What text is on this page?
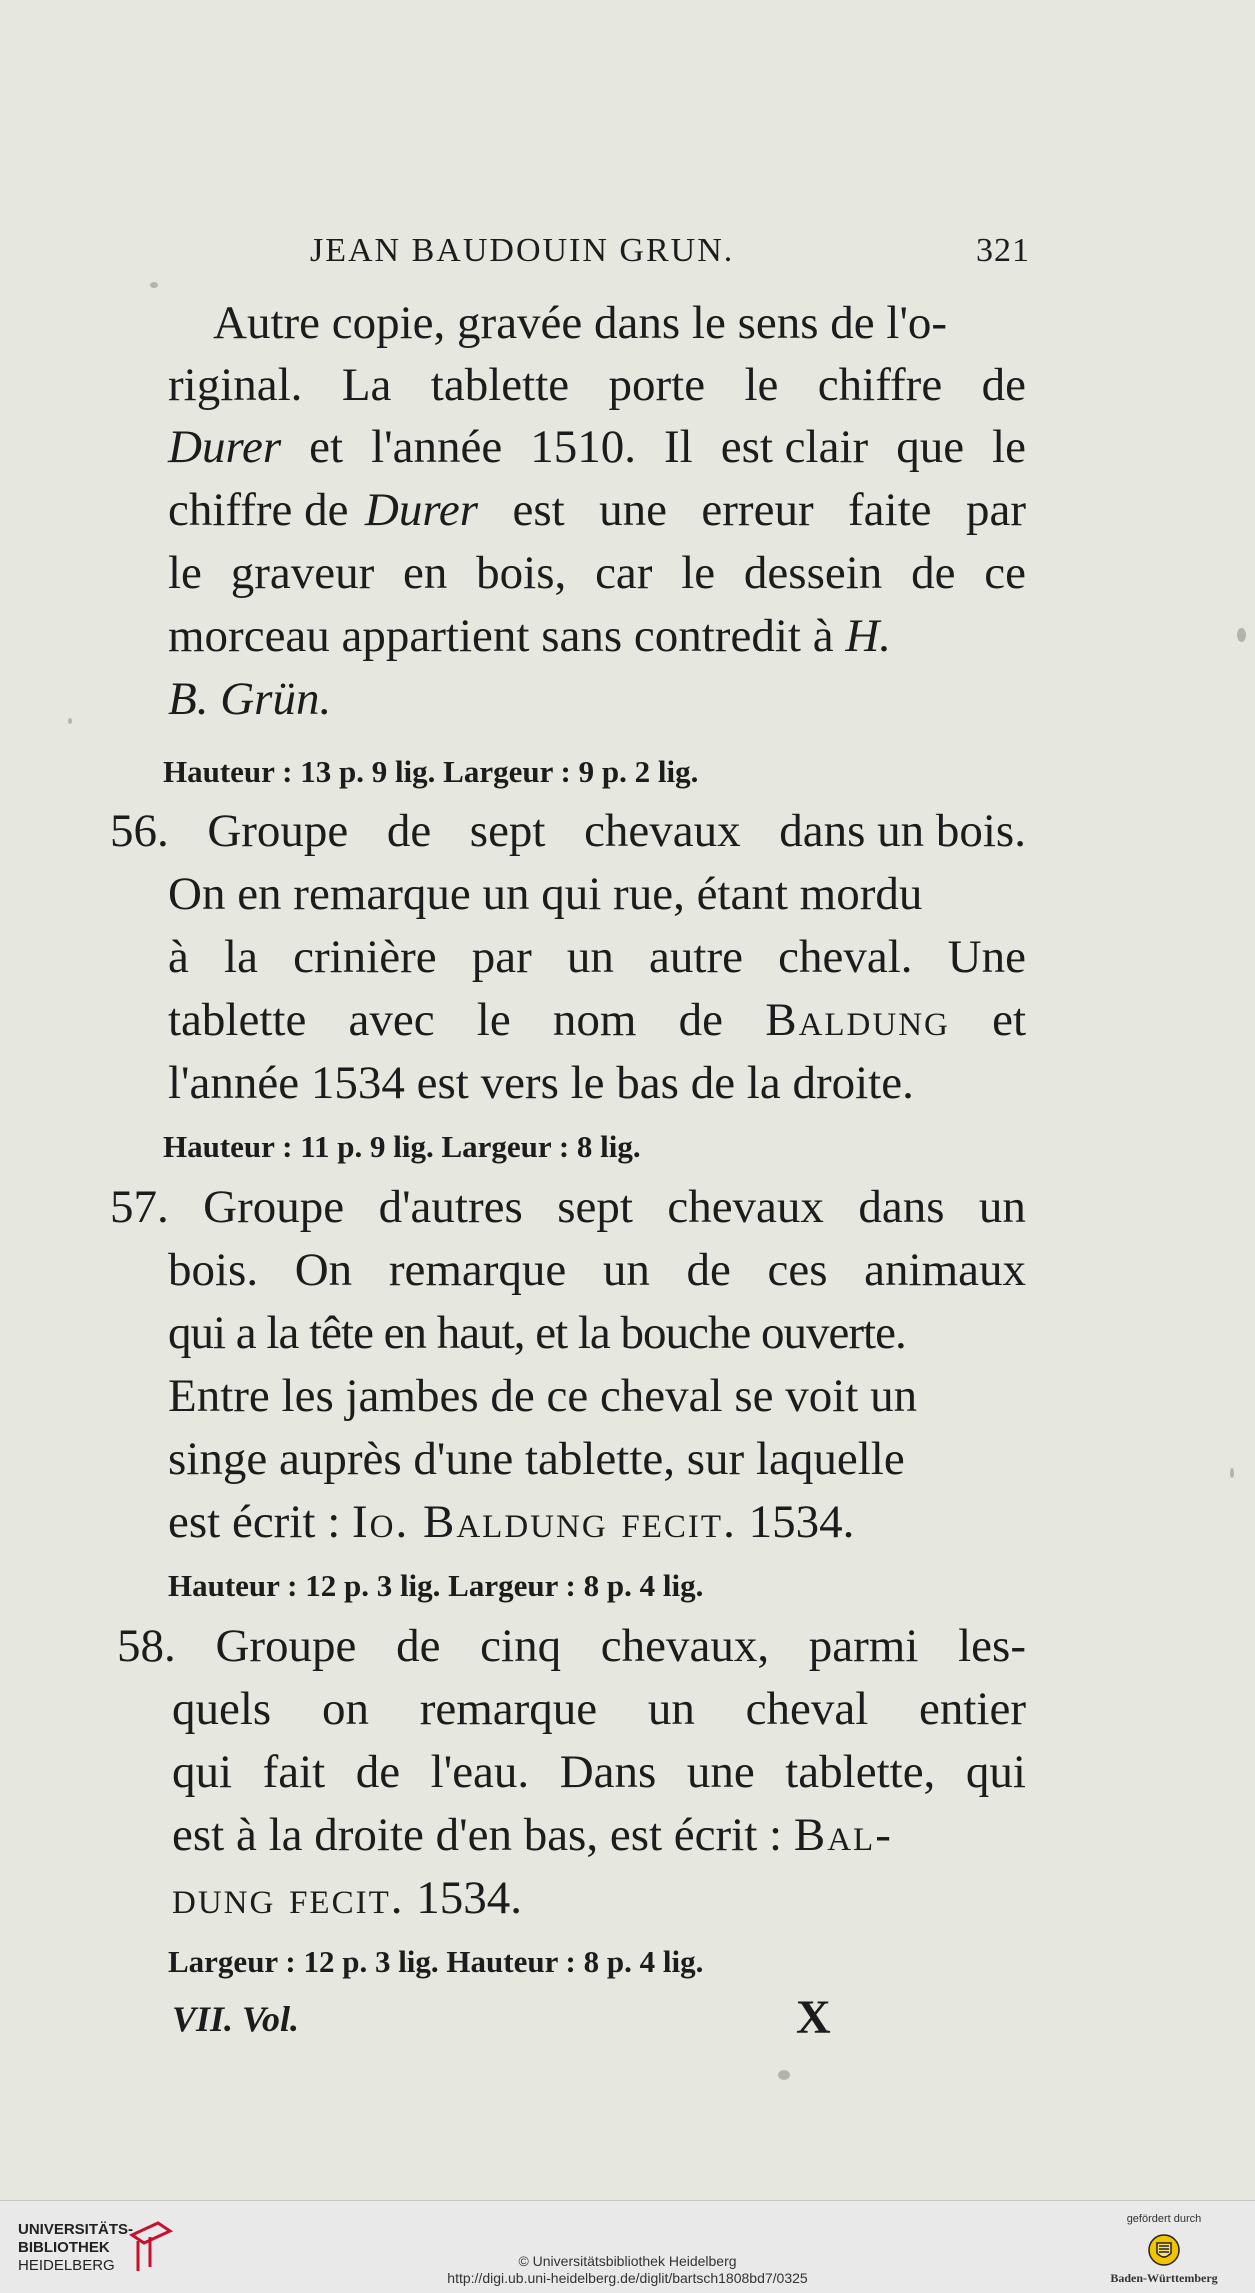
JEAN BAUDOUIN GRUN.	321
Autre copie, gravée dans le sens de l'o-
riginal. La tablette porte le chiffre de
Durer et l'année 1510. Il est clair que le
chiffre de Durer est une erreur faite par
le graveur en bois, car le dessein de ce
morceau appartient sans contredit à H.
B. Grün.
Hauteur : 13 p. 9 lig. Largeur : 9 p. 2 lig.
56. Groupe de sept chevaux dans un bois.
On en remarque un qui rue, étant mordu
à la crinière par un autre cheval. Une
tablette avec le nom de Baldung et
l'année 1534 est vers le bas de la droite.
Hauteur : 11 p. 9 lig. Largeur : 8 lig.
57. Groupe d'autres sept chevaux dans un
bois. On remarque un de ces animaux
qui a la tête en haut, et la bouche ouverte.
Entre les jambes de ce cheval se voit un
singe auprès d'une tablette, sur laquelle
est écrit : Io. Baldung fecit. 1534.
Hauteur : 12 p. 3 lig. Largeur : 8 p. 4 lig.
58. Groupe de cinq chevaux, parmi les-
quels on remarque un cheval entier
qui fait de l'eau. Dans une tablette, qui
est à la droite d'en bas, est écrit : Bal-
dung fecit. 1534.
Largeur : 12 p. 3 lig. Hauteur : 8 p. 4 lig.
VII. Vol.	X
UNIVERSITÄTS-
BIBLIOTHEK
HEIDELBERG	© Universitätsbibliothek Heidelberg
http://digi.ub.uni-heidelberg.de/diglit/bartsch1808bd7/0325
gefördert durch
Baden-Württemberg
